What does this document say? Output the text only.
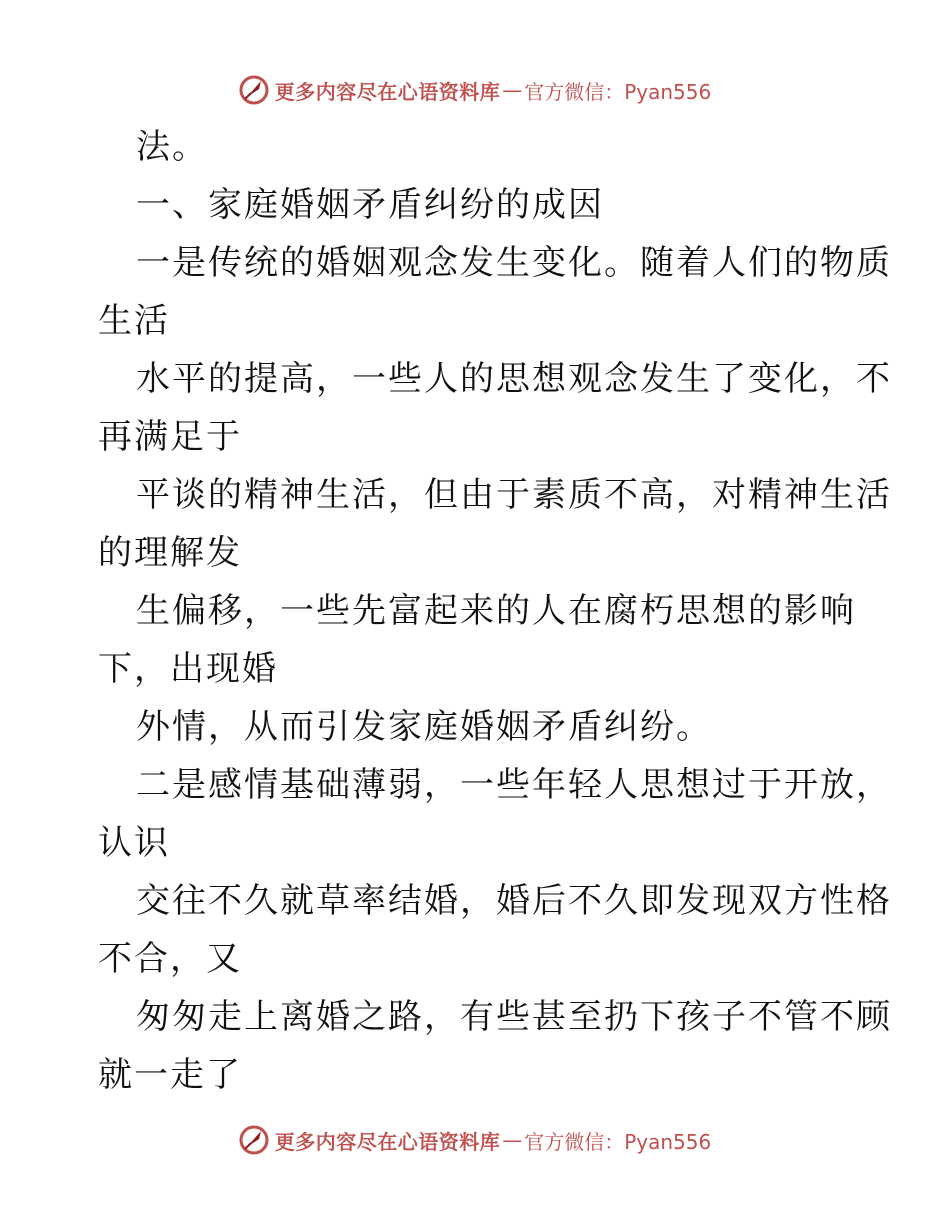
更多内容尽在心语资料库 — 官方微信：Pyan556
法。
一、家庭婚姻矛盾纠纷的成因
一是传统的婚姻观念发生变化。随着人们的物质
生活
水平的提高，一些人的思想观念发生了变化，不
再满足于
平谈的精神生活，但由于素质不高，对精神生活
的理解发
生偏移，一些先富起来的人在腐朽思想的影响
下，出现婚
外情，从而引发家庭婚姻矛盾纠纷。
二是感情基础薄弱，一些年轻人思想过于开放，
认识
交往不久就草率结婚，婚后不久即发现双方性格
不合，又
匆匆走上离婚之路，有些甚至扔下孩子不管不顾
就一走了
更多内容尽在心语资料库 — 官方微信：Pyan556
